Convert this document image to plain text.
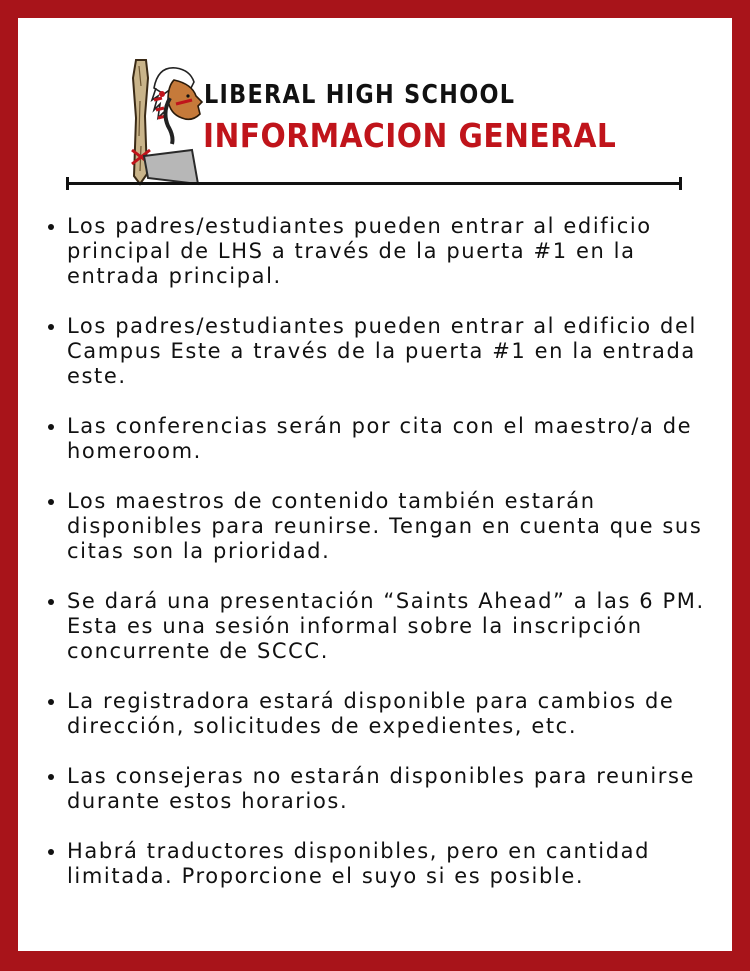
LIBERAL HIGH SCHOOL
INFORMACION GENERAL
Los padres/estudiantes pueden entrar al edificio principal de LHS a través de la puerta #1 en la entrada principal.
Los padres/estudiantes pueden entrar al edificio del Campus Este a través de la puerta #1 en la entrada este.
Las conferencias serán por cita con el maestro/a de homeroom.
Los maestros de contenido también estarán disponibles para reunirse. Tengan en cuenta que sus citas son la prioridad.
Se dará una presentación “Saints Ahead” a las 6 PM. Esta es una sesión informal sobre la inscripción concurrente de SCCC.
La registradora estará disponible para cambios de dirección, solicitudes de expedientes, etc.
Las consejeras no estarán disponibles para reunirse durante estos horarios.
Habrá traductores disponibles, pero en cantidad limitada. Proporcione el suyo si es posible.
